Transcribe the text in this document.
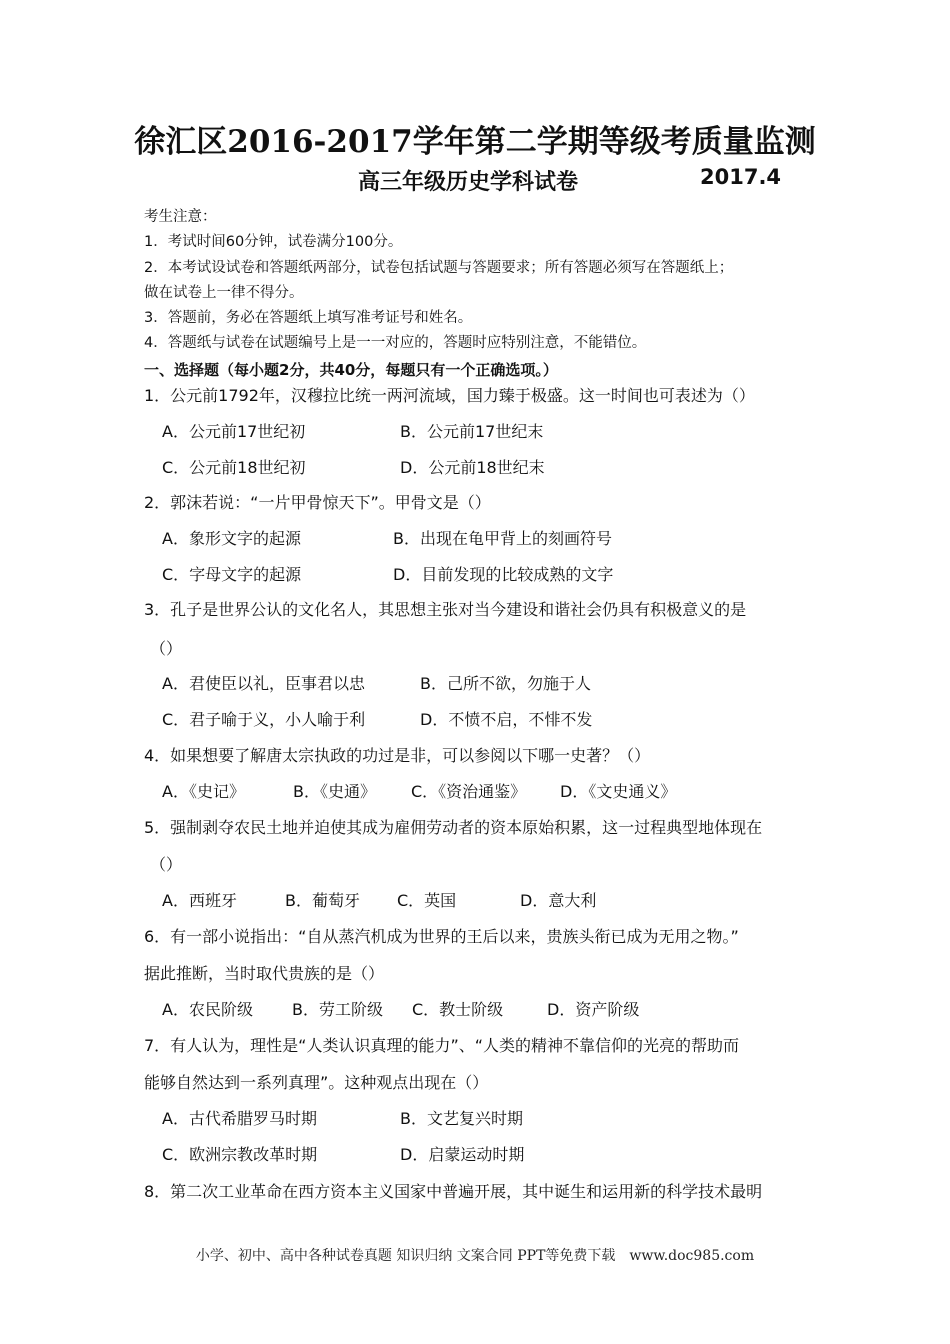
徐汇区2016-2017学年第二学期等级考质量监测
高三年级历史学科试卷	2017.4
考生注意：
1．考试时间60分钟，试卷满分100分。
2．本考试设试卷和答题纸两部分，试卷包括试题与答题要求；所有答题必须写在答题纸上；
做在试卷上一律不得分。
3．答题前，务必在答题纸上填写准考证号和姓名。
4．答题纸与试卷在试题编号上是一一对应的，答题时应特别注意，不能错位。
一、选择题（每小题2分，共40分，每题只有一个正确选项。）
1．公元前1792年，汉穆拉比统一两河流域，国力臻于极盛。这一时间也可表述为（）
A．公元前17世纪初	B．公元前17世纪末
C．公元前18世纪初	D．公元前18世纪末
2．郭沫若说：“一片甲骨惊天下”。甲骨文是（）
A．象形文字的起源	B．出现在龟甲背上的刻画符号
C．字母文字的起源	D．目前发现的比较成熟的文字
3．孔子是世界公认的文化名人，其思想主张对当今建设和谐社会仍具有积极意义的是
（）
A．君使臣以礼，臣事君以忠	B．己所不欲，勿施于人
C．君子喻于义，小人喻于利	D．不愤不启，不悱不发
4．如果想要了解唐太宗执政的功过是非，可以参阅以下哪一史著？（）
A．《史记》	B．《史通》 C．《资治通鉴》 D．《文史通义》
5．强制剥夺农民土地并迫使其成为雇佣劳动者的资本原始积累，这一过程典型地体现在
（）
A．西班牙	B．葡萄牙 C．英国	D．意大利
6．有一部小说指出：“自从蒸汽机成为世界的王后以来，贵族头衔已成为无用之物。”
据此推断，当时取代贵族的是（）
A．农民阶级 B．劳工阶级 C．教士阶级	D．资产阶级
7．有人认为，理性是“人类认识真理的能力”、“人类的精神不靠信仰的光亮的帮助而
能够自然达到一系列真理”。这种观点出现在（）
A．古代希腊罗马时期	B．文艺复兴时期
C．欧洲宗教改革时期	D．启蒙运动时期
8．第二次工业革命在西方资本主义国家中普遍开展，其中诞生和运用新的科学技术最明
小学、初中、高中各种试卷真题 知识归纳 文案合同 PPT等免费下载　www.doc985.com
